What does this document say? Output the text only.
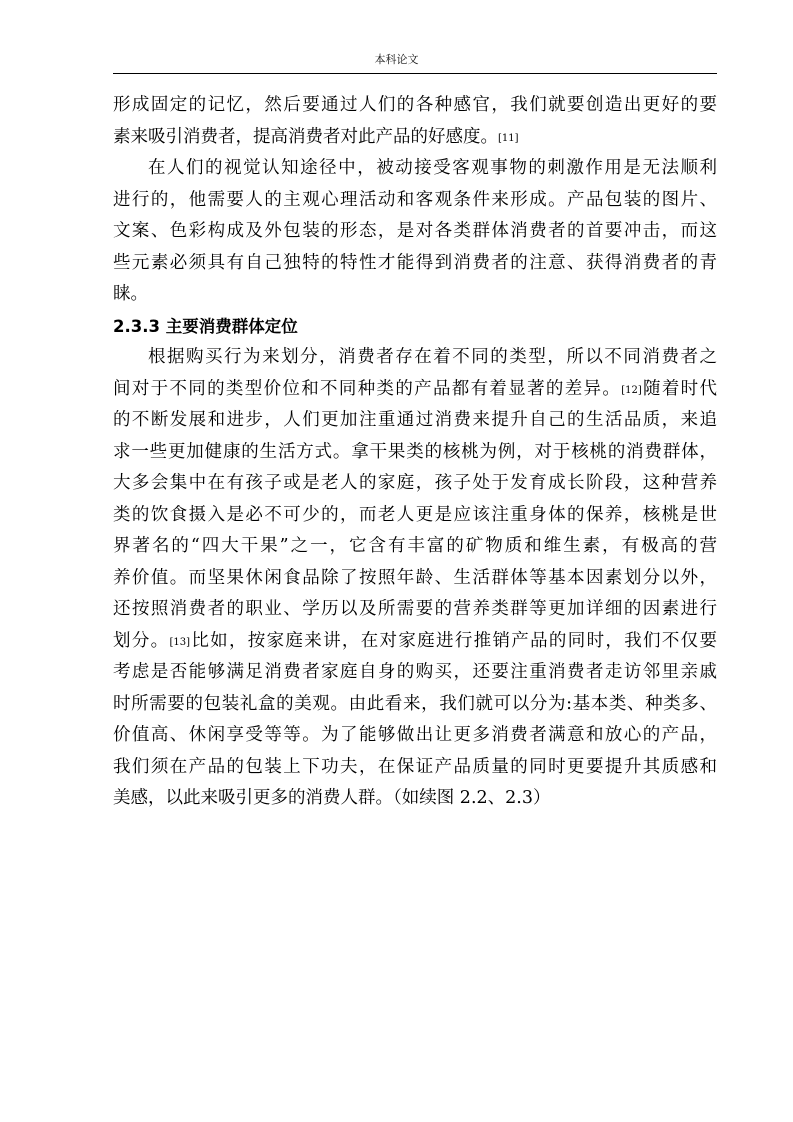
本科论文
形成固定的记忆，然后要通过人们的各种感官，我们就要创造出更好的要
素来吸引消费者，提高消费者对此产品的好感度。[11]
在人们的视觉认知途径中，被动接受客观事物的刺激作用是无法顺利
进行的，他需要人的主观心理活动和客观条件来形成。产品包装的图片、
文案、色彩构成及外包装的形态，是对各类群体消费者的首要冲击，而这
些元素必须具有自己独特的特性才能得到消费者的注意、获得消费者的青
睐。
2.3.3 主要消费群体定位
根据购买行为来划分，消费者存在着不同的类型，所以不同消费者之
间对于不同的类型价位和不同种类的产品都有着显著的差异。[12]随着时代
的不断发展和进步，人们更加注重通过消费来提升自己的生活品质，来追
求一些更加健康的生活方式。拿干果类的核桃为例，对于核桃的消费群体，
大多会集中在有孩子或是老人的家庭，孩子处于发育成长阶段，这种营养
类的饮食摄入是必不可少的，而老人更是应该注重身体的保养，核桃是世
界著名的“四大干果”之一，它含有丰富的矿物质和维生素，有极高的营
养价值。而坚果休闲食品除了按照年龄、生活群体等基本因素划分以外，
还按照消费者的职业、学历以及所需要的营养类群等更加详细的因素进行
划分。[13]比如，按家庭来讲，在对家庭进行推销产品的同时，我们不仅要
考虑是否能够满足消费者家庭自身的购买，还要注重消费者走访邻里亲戚
时所需要的包装礼盒的美观。由此看来，我们就可以分为:基本类、种类多、
价值高、休闲享受等等。为了能够做出让更多消费者满意和放心的产品，
我们须在产品的包装上下功夫，在保证产品质量的同时更要提升其质感和
美感，以此来吸引更多的消费人群。（如续图 2.2、2.3）
